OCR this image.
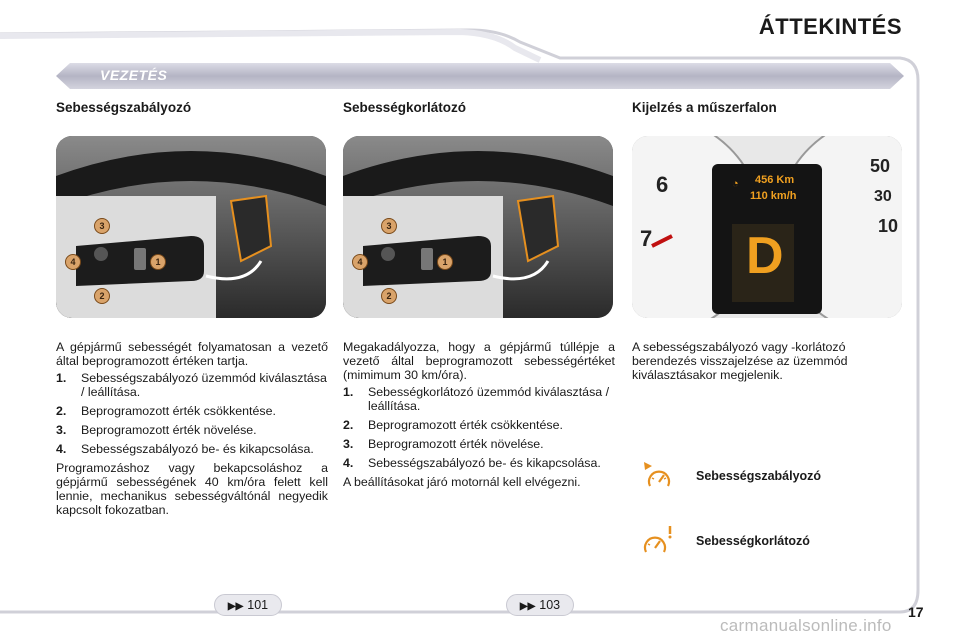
ÁTTEKINTÉS
VEZETÉS
Sebességszabályozó
3
4	1
2

A gépjármű sebességét folyamatosan a vezető által beprogramozott értéken tartja.

1.	Sebességszabályozó üzemmód kiválasztása / leállítása.
2.	Beprogramozott érték csökkentése.
3.	Beprogramozott érték növelése.
4.	Sebességszabályozó be- és kikapcsolása.

Programozáshoz vagy bekapcsoláshoz a gépjármű sebességének 40 km/óra felett kell lennie, mechanikus sebességváltónál negyedik kapcsolt fokozatban.

Sebességkorlátozó
3
4	1
2

Megakadályozza, hogy a gépjármű túllépje a vezető által beprogramozott sebességértéket (mimimum 30 km/óra).

1.	Sebességkorlátozó üzemmód kiválasztása / leállítása.
2.	Beprogramozott érték csökkentése.
3.	Beprogramozott érték növelése.
4.	Sebességszabályozó be- és kikapcsolása.

A beállításokat járó motornál kell elvégezni.

Kijelzés a műszerfalon
456 Km
110 km/h
◔
D
6
7
50
30
10

A sebességszabályozó vagy -korlátozó berendezés visszajelzése az üzemmód kiválasztásakor megjelenik.

Sebességszabályozó
Sebességkorlátozó
▶▶ 101	▶▶ 103	17
carmanualsonline.info
